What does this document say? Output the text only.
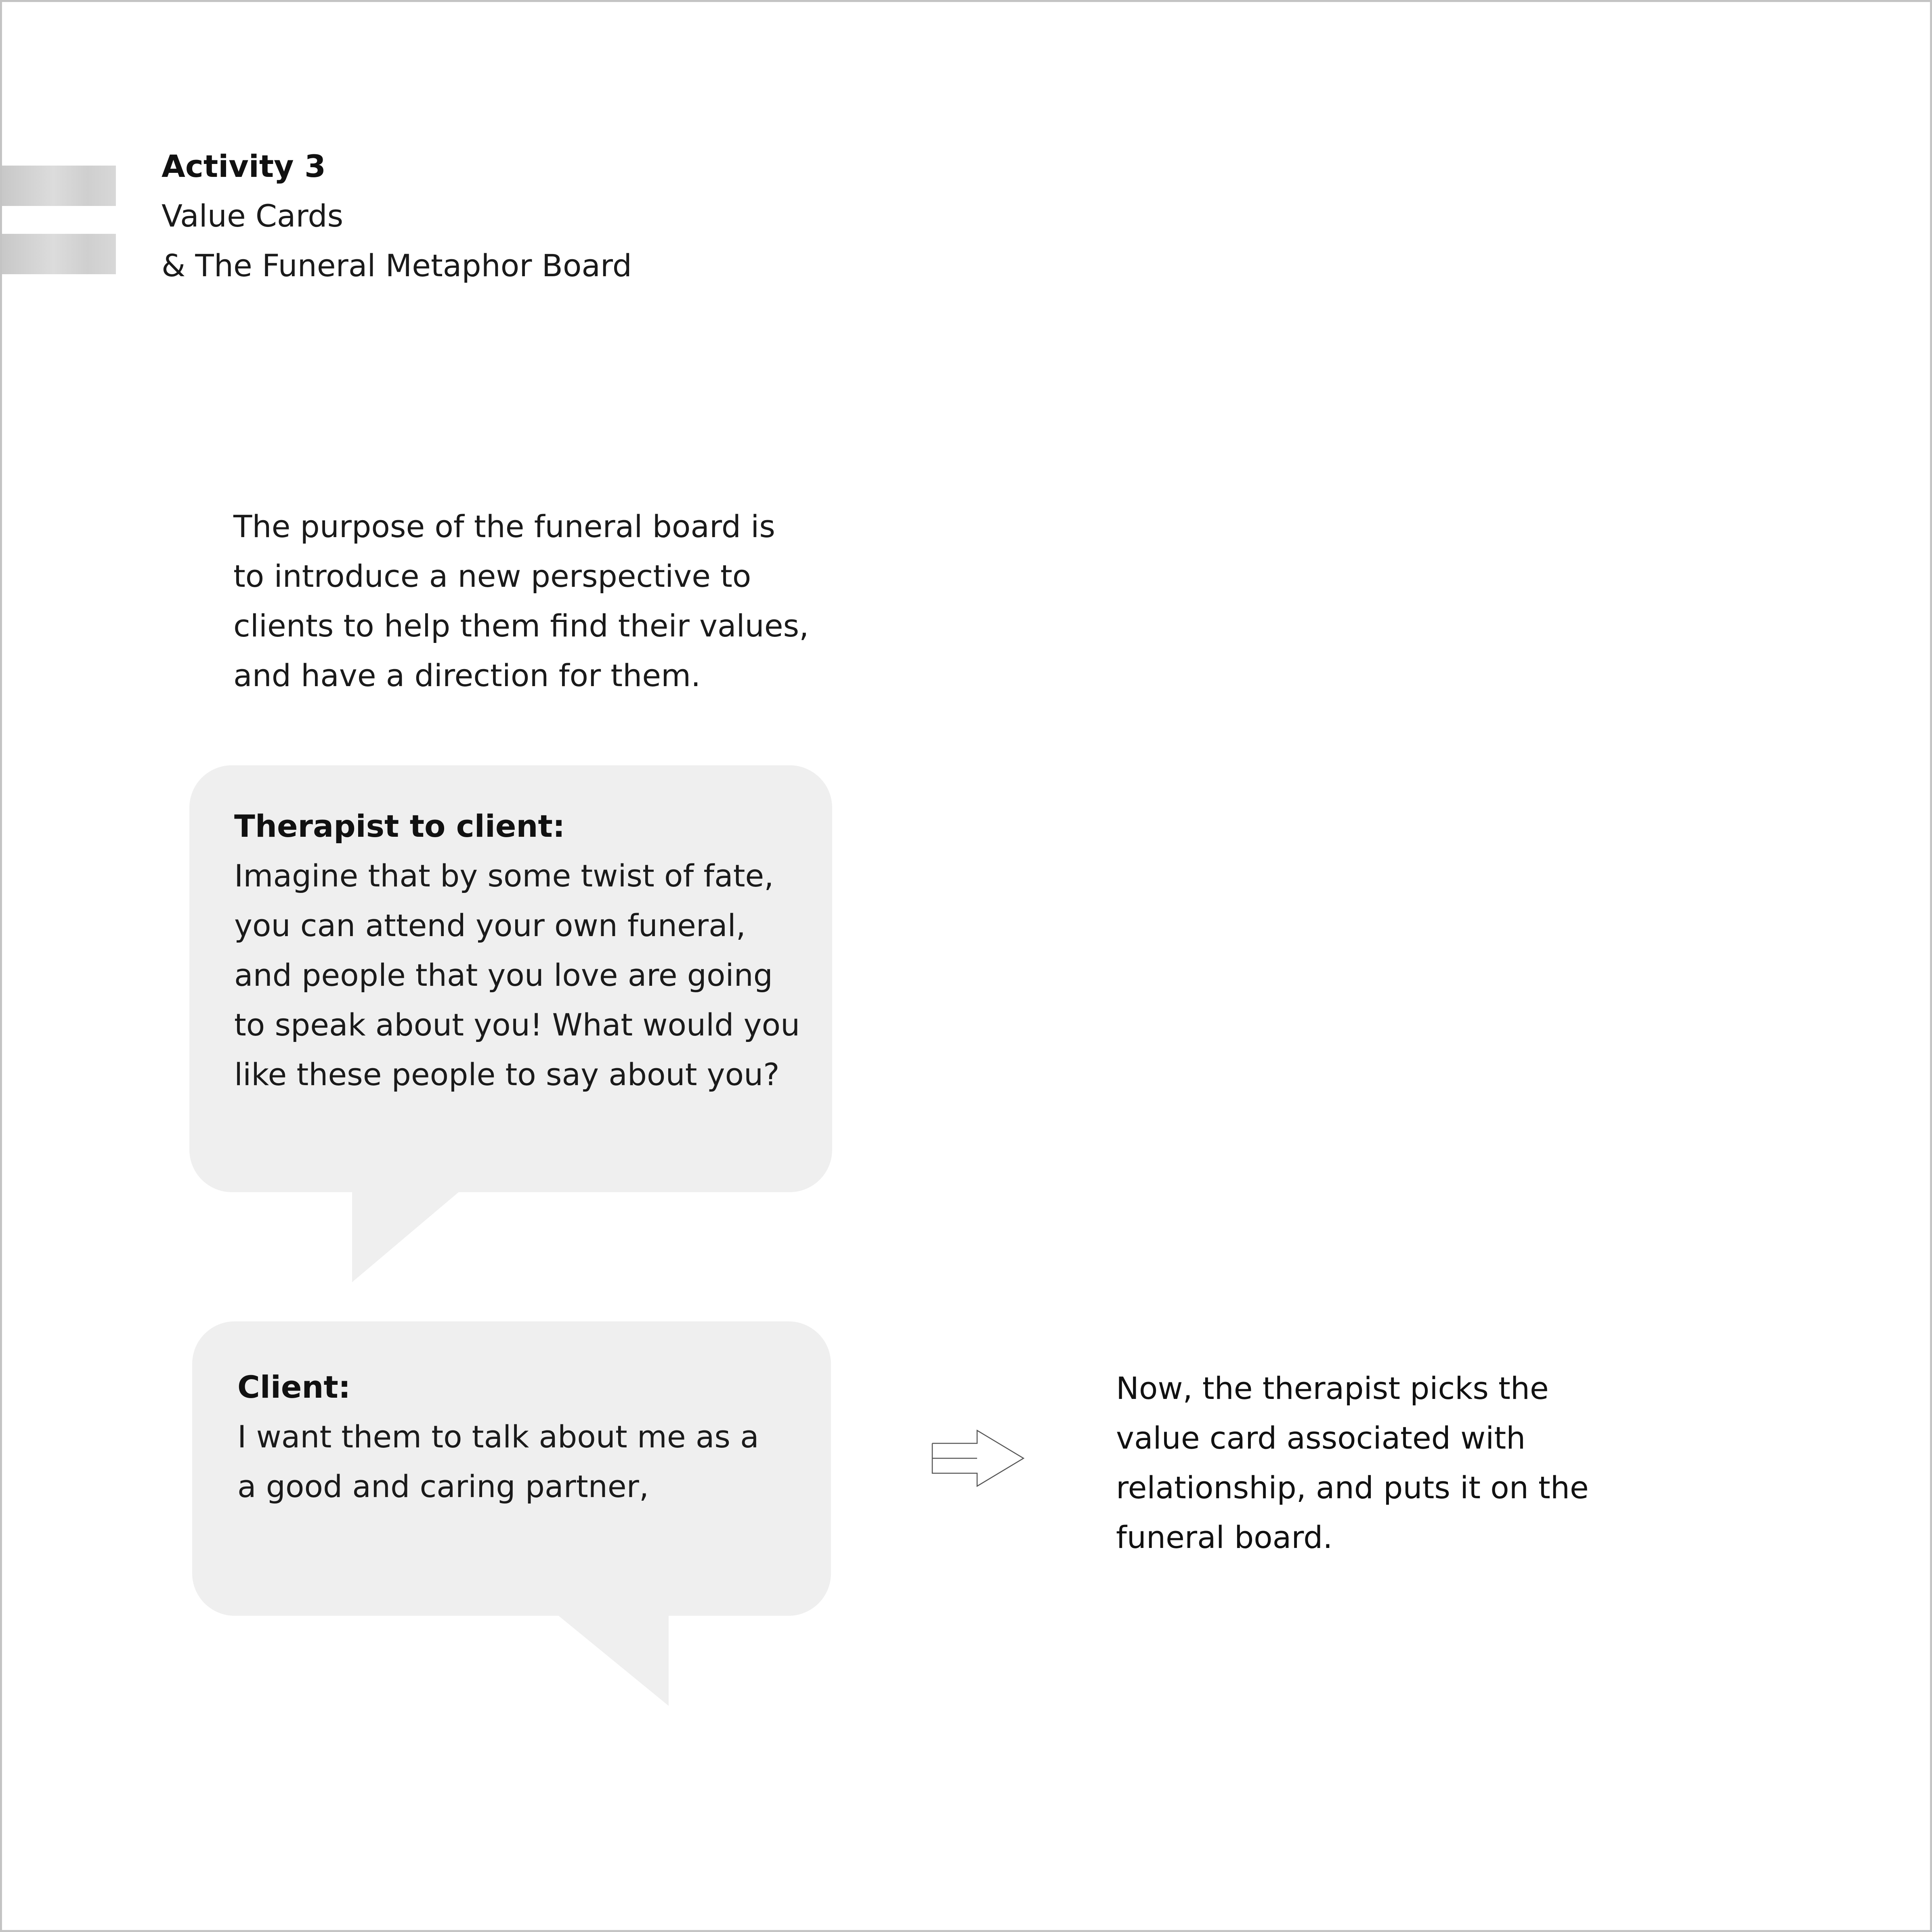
Activity 3
Value Cards
& The Funeral Metaphor Board
The purpose of the funeral board is
to introduce a new perspective to
clients to help them find their values,
and have a direction for them.
Therapist to client:
Imagine that by some twist of fate,
you can attend your own funeral,
and people that you love are going
to speak about you! What would you
like these people to say about you?
Client:
I want them to talk about me as a
a good and caring partner,
Now, the therapist picks the
value card associated with
relationship, and puts it on the
funeral board.
